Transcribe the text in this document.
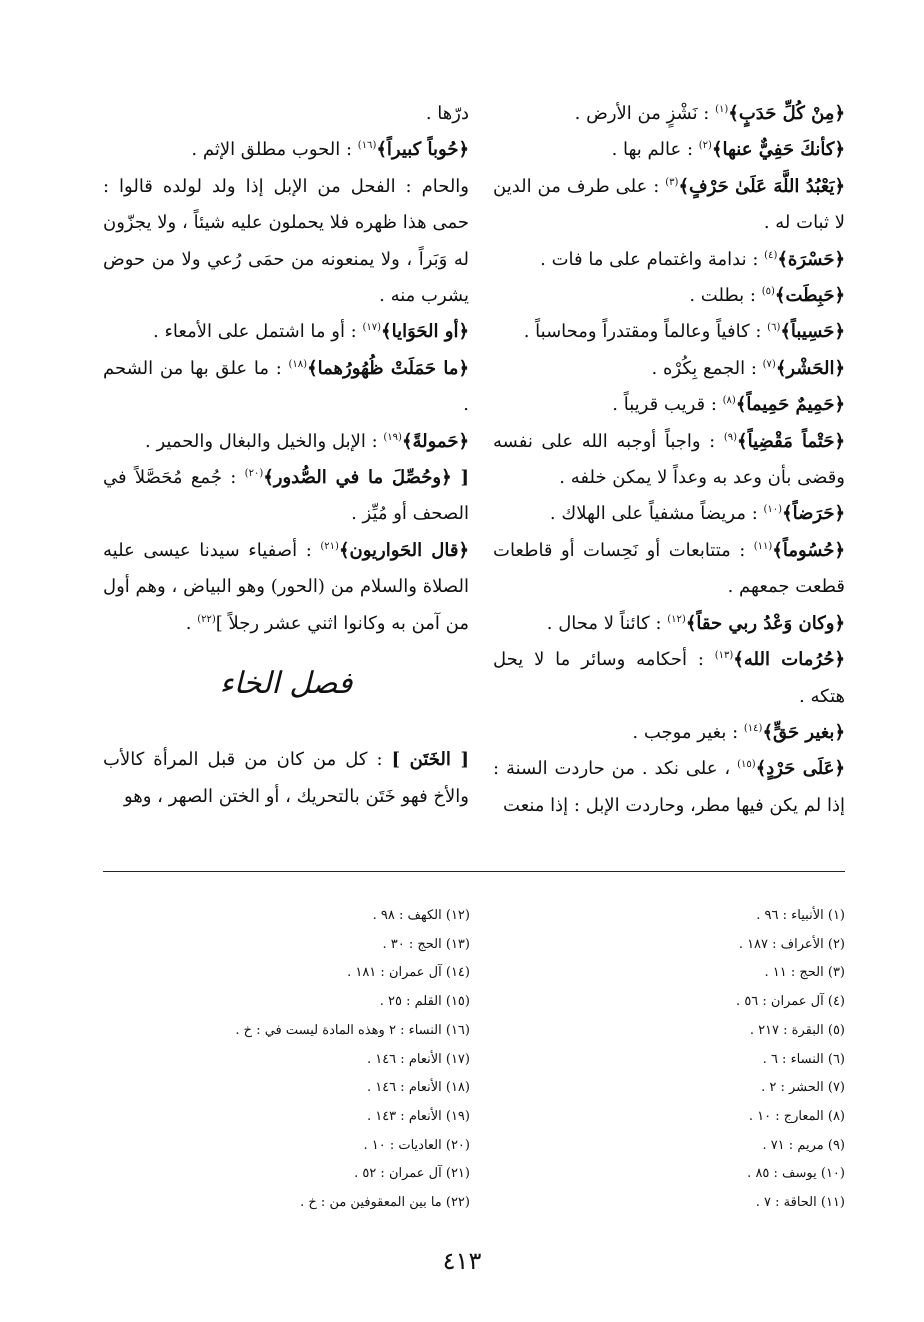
﴿مِنْ كُلِّ حَدَبٍ﴾$^{(١)}$ : نَشْزٍ من الأرض .

﴿كأنكَ حَفِيٌّ عنها﴾$^{(٢)}$ : عالم بها .

﴿يَعْبُدُ اللَّهَ عَلَىٰ حَرْفٍ﴾$^{(٣)}$ : على طرف من الدين لا ثبات له .

﴿حَسْرَة﴾$^{(٤)}$ : ندامة واغتمام على ما فات .

﴿حَبِطَت﴾$^{(٥)}$ : بطلت .

﴿حَسِيباً﴾$^{(٦)}$ : كافياً وعالماً ومقتدراً ومحاسباً .

﴿الحَشْر﴾$^{(٧)}$ : الجمع بِكُرْه .

﴿حَمِيمٌ حَمِيماً﴾$^{(٨)}$ : قريب قريباً .

﴿حَتْماً مَقْضِياً﴾$^{(٩)}$ : واجباً أوجبه الله على نفسه وقضى بأن وعد به وعداً لا يمكن خلفه .

﴿حَرَضاً﴾$^{(١٠)}$ : مريضاً مشفياً على الهلاك .

﴿حُسُوماً﴾$^{(١١)}$ : متتابعات أو نَحِسات أو قاطعات قطعت جمعهم .

﴿وكان وَعْدُ ربي حقاً﴾$^{(١٢)}$ : كائناً لا محال .

﴿حُرُمات الله﴾$^{(١٣)}$ : أحكامه وسائر ما لا يحل هتكه .

﴿بغير حَقٍّ﴾$^{(١٤)}$ : بغير موجب .

﴿عَلَى حَرْدٍ﴾$^{(١٥)}$ ، على نكد . من حاردت السنة : إذا لم يكن فيها مطر، وحاردت الإبل : إذا منعت

درّها .

﴿حُوباً كبيراً﴾$^{(١٦)}$ : الحوب مطلق الإثم .

والحام : الفحل من الإبل إذا ولد لولده قالوا : حمى هذا ظهره فلا يحملون عليه شيئاً ، ولا يجزّون له وَبَراً ، ولا يمنعونه من حمَى رُعي ولا من حوض يشرب منه .

﴿أو الحَوَايا﴾$^{(١٧)}$ : أو ما اشتمل على الأمعاء .

﴿ما حَمَلَتْ ظُهُورُهما﴾$^{(١٨)}$ : ما علق بها من الشحم .

﴿حَمولةً﴾$^{(١٩)}$ : الإبل والخيل والبغال والحمير .

[ ﴿وحُصِّلَ ما في الصُّدور﴾$^{(٢٠)}$ : جُمع مُحَصَّلاً في الصحف أو مُيِّز .

﴿قال الحَواريون﴾$^{(٢١)}$ : أصفياء سيدنا عيسى عليه الصلاة والسلام من (الحور) وهو البياض ، وهم أول من آمن به وكانوا اثني عشر رجلاً ]$^{(٢٢)}$ .

فصل الخاء

[ الخَتَن ] : كل من كان من قبل المرأة كالأب والأخ فهو خَتَن بالتحريك ، أو الختن الصهر ، وهو

(١) الأنبياء : ٩٦ .

(٢) الأعراف : ١٨٧ .

(٣) الحج : ١١ .

(٤) آل عمران : ٥٦ .

(٥) البقرة : ٢١٧ .

(٦) النساء : ٦ .

(٧) الحشر : ٢ .

(٨) المعارج : ١٠ .

(٩) مريم : ٧١ .

(١٠) يوسف : ٨٥ .

(١١) الحاقة : ٧ .

(١٢) الكهف : ٩٨ .

(١٣) الحج : ٣٠ .

(١٤) آل عمران : ١٨١ .

(١٥) القلم : ٢٥ .

(١٦) النساء : ٢ وهذه المادة ليست في : خ .

(١٧) الأنعام : ١٤٦ .

(١٨) الأنعام : ١٤٦ .

(١٩) الأنعام : ١٤٣ .

(٢٠) العاديات : ١٠ .

(٢١) آل عمران : ٥٢ .

(٢٢) ما بين المعقوفين من : خ .

٤١٣
